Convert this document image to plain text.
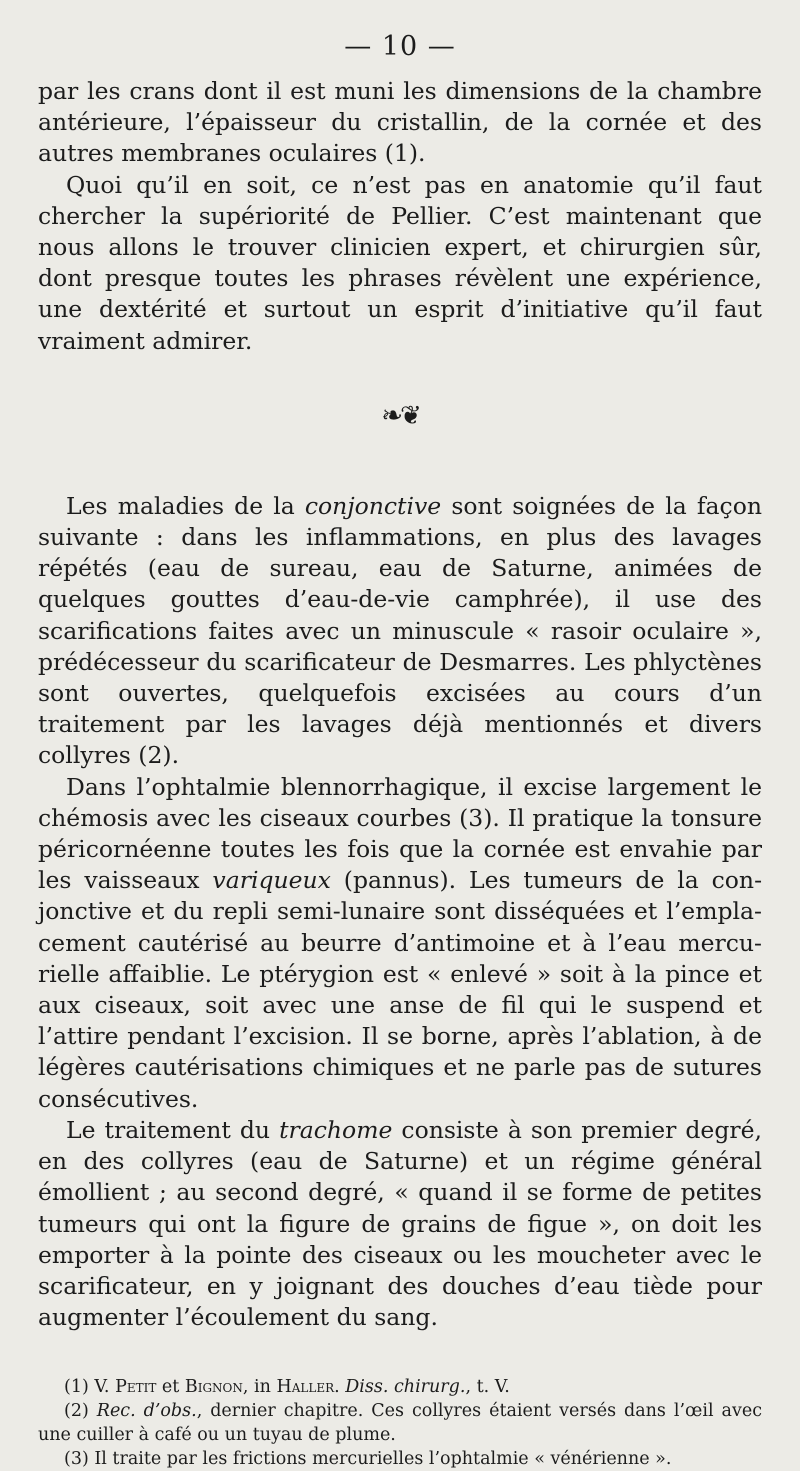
— 10 —

par les crans dont il est muni les dimensions de la chambre antérieure, l’épaisseur du cristallin, de la cornée et des autres membranes oculaires (1).

Quoi qu’il en soit, ce n’est pas en anatomie qu’il faut chercher la supériorité de Pellier. C’est maintenant que nous allons le trouver clinicien expert, et chirurgien sûr, dont presque toutes les phrases révèlent une expérience, une dextérité et surtout un esprit d’initiative qu’il faut vraiment admirer.

❧❦

Les maladies de la conjonctive sont soignées de la façon suivante : dans les inflammations, en plus des lavages répétés (eau de sureau, eau de Saturne, animées de quelques gouttes d’eau-de-vie camphrée), il use des scarifications faites avec un minuscule « rasoir oculaire », prédécesseur du scarificateur de Desmarres. Les phlyctènes sont ouvertes, quelquefois excisées au cours d’un traitement par les lavages déjà mentionnés et divers collyres (2).

Dans l’ophtalmie blennorrhagique, il excise largement le chémosis avec les ciseaux courbes (3). Il pratique la tonsure péricornéenne toutes les fois que la cornée est envahie par les vaisseaux variqueux (pannus). Les tumeurs de la conjonctive et du repli semi-lunaire sont disséquées et l’emplacement cautérisé au beurre d’antimoine et à l’eau mercurielle affaiblie. Le ptérygion est « enlevé » soit à la pince et aux ciseaux, soit avec une anse de fil qui le suspend et l’attire pendant l’excision. Il se borne, après l’ablation, à de légères cautérisations chimiques et ne parle pas de sutures consécutives.

Le traitement du trachome consiste à son premier degré, en des collyres (eau de Saturne) et un régime général émollient ; au second degré, « quand il se forme de petites tumeurs qui ont la figure de grains de figue », on doit les emporter à la pointe des ciseaux ou les moucheter avec le scarificateur, en y joignant des douches d’eau tiède pour augmenter l’écoulement du sang.

(1) V. Petit et Bignon, in Haller. Diss. chirurg., t. V.

(2) Rec. d’obs., dernier chapitre. Ces collyres étaient versés dans l’œil avec une cuiller à café ou un tuyau de plume.

(3) Il traite par les frictions mercurielles l’ophtalmie « vénérienne ».
